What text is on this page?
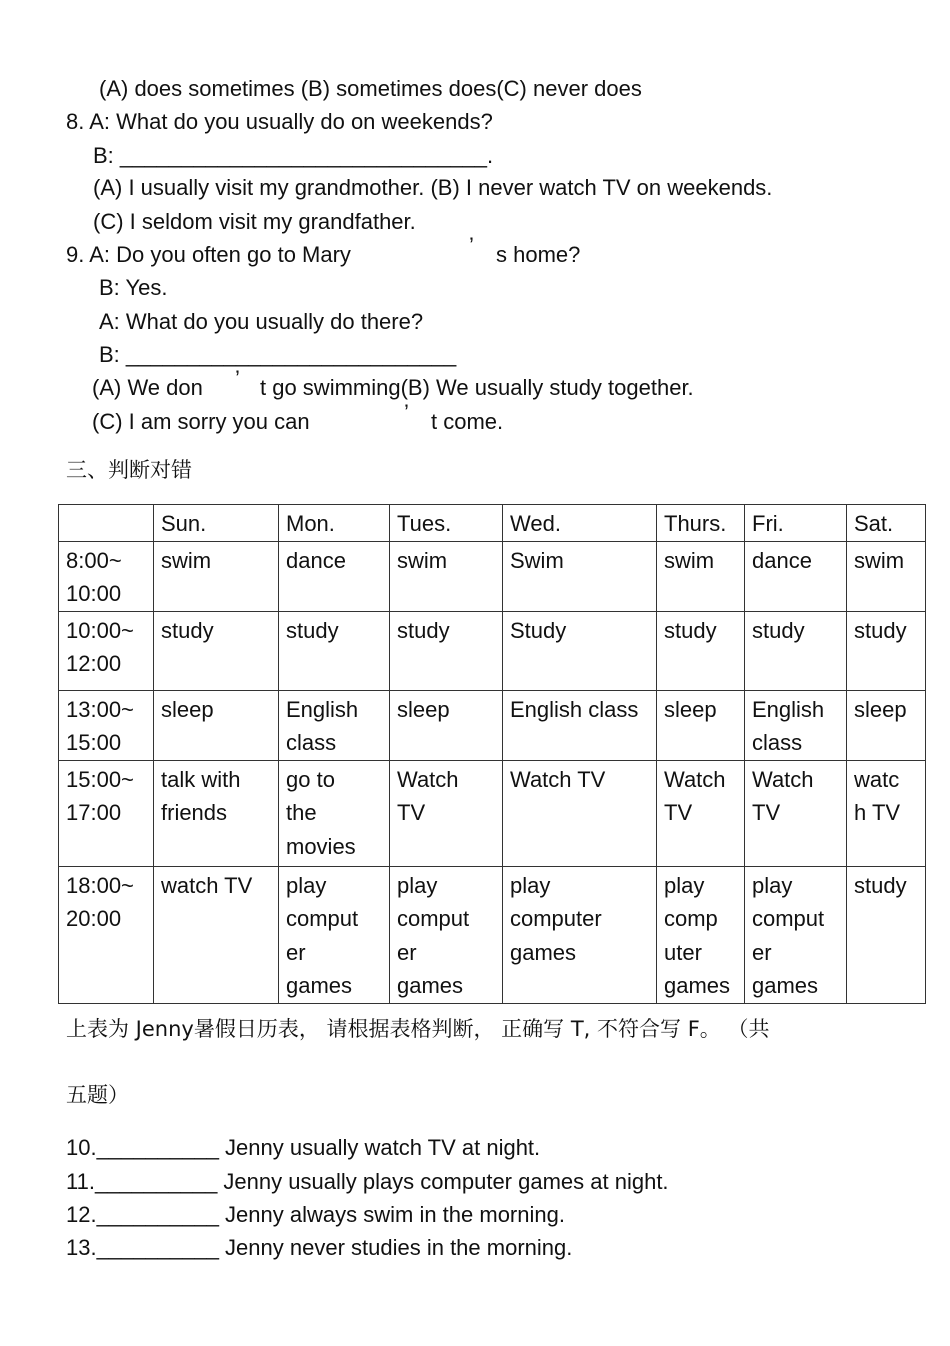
(A) does sometimes (B) sometimes does(C) never does
8. A: What do you usually do on weekends?
B: ______________________________.
(A) I usually visit my grandmother. (B) I never watch TV on weekends.
(C) I seldom visit my grandfather.
9. A: Do you often go to Mary	’ s home?
B: Yes.
A: What do you usually do there?
B: ___________________________
(A) We don ’ t go swimming(B) We usually study together.
(C) I am sorry you can	’ t come.
三、判断对错
	Sun.	Mon.	Tues.	Wed.	Thurs.	Fri.	Sat.
8:00~
10:00	swim	dance	swim	Swim	swim	dance	swim
10:00~
12:00	study	study	study	Study	study	study	study
13:00~
15:00	sleep	English
class	sleep	English class	sleep	English
class	sleep
15:00~
17:00	talk with
friends	go to
the
movies	Watch
TV	Watch TV	Watch
TV	Watch
TV	watc
h TV
18:00~
20:00	watch TV	play
comput
er
games	play
comput
er
games	play
computer
games	play
comp
uter
games	play
comput
er
games	study
上表为 Jenny暑假日历表， 请根据表格判断， 正确写 T, 不符合写 F。 （共
五题）
10.__________ Jenny usually watch TV at night.
11.__________ Jenny usually plays computer games at night.
12.__________ Jenny always swim in the morning.
13.__________ Jenny never studies in the morning.
